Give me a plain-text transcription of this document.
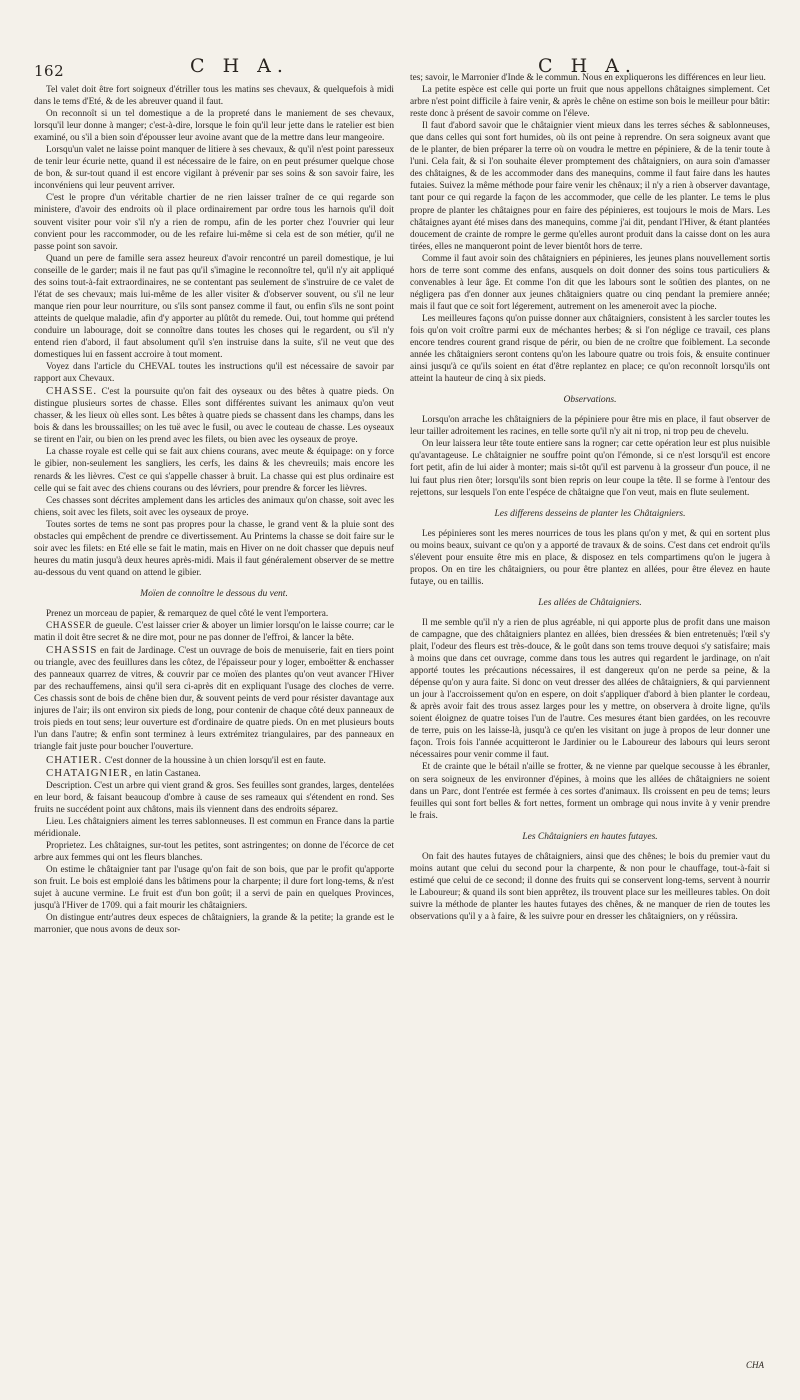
162	C H A.	C H A.

Tel valet doit être fort soigneux d'étriller tous les matins ses chevaux, & quelquefois à midi dans le tems d'Eté, & de les abreuver quand il faut.

On reconnoît si un tel domestique a de la propreté dans le maniement de ses chevaux, lorsqu'il leur donne à manger; c'est-à-dire, lorsque le foin qu'il leur jette dans le ratelier est bien examiné, ou s'il a bien soin d'épousser leur avoine avant que de la mettre dans leur mangeoire.

Lorsqu'un valet ne laisse point manquer de litiere à ses chevaux, & qu'il n'est point paresseux de tenir leur écurie nette, quand il est nécessaire de le faire, on en peut présumer quelque chose de bon, & sur-tout quand il est encore vigilant à prévenir par ses soins & son savoir faire, les inconvéniens qui leur peuvent arriver.

C'est le propre d'un véritable chartier de ne rien laisser traîner de ce qui regarde son ministere, d'avoir des endroits où il place ordinairement par ordre tous les harnois qu'il doit souvent visiter pour voir s'il n'y a rien de rompu, afin de les porter chez l'ouvrier qui leur convient pour les raccommoder, ou de les refaire lui-même si cela est de son métier, qu'il ne passe point son savoir.

Quand un pere de famille sera assez heureux d'avoir rencontré un pareil domestique, je lui conseille de le garder; mais il ne faut pas qu'il s'imagine le reconnoître tel, qu'il n'y ait appliqué des soins tout-à-fait extraordinaires, ne se contentant pas seulement de s'instruire de ce valet de l'état de ses chevaux; mais lui-même de les aller visiter & d'observer souvent, ou s'il ne leur manque rien pour leur nourriture, ou s'ils sont pansez comme il faut, ou enfin s'ils ne sont point atteints de quelque maladie, afin d'y apporter au plûtôt du remede. Oui, tout homme qui prétend conduire un labourage, doit se connoître dans toutes les choses qui le regardent, ou s'il n'y entend rien d'abord, il faut absolument qu'il s'en instruise dans la suite, s'il ne veut que des domestiques lui en fassent accroire à tout moment.

Voyez dans l'article du CHEVAL toutes les instructions qu'il est nécessaire de savoir par rapport aux Chevaux.

CHASSE. C'est la poursuite qu'on fait des oyseaux ou des bêtes à quatre pieds. On distingue plusieurs sortes de chasse. Elles sont différentes suivant les animaux qu'on veut chasser, & les lieux où elles sont. Les bêtes à quatre pieds se chassent dans les champs, dans les bois & dans les broussailles; on les tuë avec le fusil, ou avec le couteau de chasse. Les oyseaux se tirent en l'air, ou bien on les prend avec les filets, ou bien avec les oyseaux de proye.

La chasse royale est celle qui se fait aux chiens courans, avec meute & équipage: on y force le gibier, non-seulement les sangliers, les cerfs, les dains & les chevreuils; mais encore les renards & les lièvres. C'est ce qui s'appelle chasser à bruit. La chasse qui est plus ordinaire est celle qui se fait avec des chiens courans ou des lévriers, pour prendre & forcer les lièvres.

Ces chasses sont décrites amplement dans les articles des animaux qu'on chasse, soit avec les chiens, soit avec les filets, soit avec les oyseaux de proye.

Toutes sortes de tems ne sont pas propres pour la chasse, le grand vent & la pluie sont des obstacles qui empêchent de prendre ce divertissement. Au Printems la chasse se doit faire sur le soir avec les filets: en Eté elle se fait le matin, mais en Hiver on ne doit chasser que depuis neuf heures du matin jusqu'à deux heures après-midi. Mais il faut généralement observer de se mettre au-dessous du vent quand on attend le gibier.

Moïen de connoître le dessous du vent.

Prenez un morceau de papier, & remarquez de quel côté le vent l'emportera.

CHASSER de gueule. C'est laisser crier & aboyer un limier lorsqu'on le laisse courre; car le matin il doit être secret & ne dire mot, pour ne pas donner de l'effroi, & lancer la bête.

CHASSIS en fait de Jardinage. C'est un ouvrage de bois de menuiserie, fait en tiers point ou triangle, avec des feuillures dans les côtez, de l'épaisseur pour y loger, emboëtter & enchasser des panneaux quarrez de vitres, & couvrir par ce moïen des plantes qu'on veut avancer l'Hiver par des rechauffemens, ainsi qu'il sera ci-après dit en expliquant l'usage des cloches de verre. Ces chassis sont de bois de chêne bien dur, & souvent peints de verd pour résister davantage aux injures de l'air; ils ont environ six pieds de long, pour contenir de chaque côté deux panneaux de trois pieds en tout sens; leur ouverture est d'ordinaire de quatre pieds. On en met plusieurs bouts l'un dans l'autre; & enfin sont terminez à leurs extrémitez triangulaires, par des panneaux en triangle fait juste pour boucher l'ouverture.

CHATIER. C'est donner de la houssine à un chien lorsqu'il est en faute.

CHATAIGNIER, en latin Castanea.

Description. C'est un arbre qui vient grand & gros. Ses feuilles sont grandes, larges, dentelées en leur bord, & faisant beaucoup d'ombre à cause de ses rameaux qui s'étendent en rond. Ses fruits ne succédent point aux châtons, mais ils viennent dans des endroits séparez.

Lieu. Les châtaigniers aiment les terres sablonneuses. Il est commun en France dans la partie méridionale.

Proprietez. Les châtaignes, sur-tout les petites, sont astringentes; on donne de l'écorce de cet arbre aux femmes qui ont les fleurs blanches.

On estime le châtaignier tant par l'usage qu'on fait de son bois, que par le profit qu'apporte son fruit. Le bois est emploié dans les bâtimens pour la charpente; il dure fort long-tems, & n'est sujet à aucune vermine. Le fruit est d'un bon goût; il a servi de pain en quelques Provinces, jusqu'à l'Hiver de 1709. qui a fait mourir les châtaigniers.

On distingue entr'autres deux especes de châtaigniers, la grande & la petite; la grande est le marronier, que nous avons de deux sor-

tes; savoir, le Marronier d'Inde & le commun. Nous en expliquerons les différences en leur lieu.

La petite espèce est celle qui porte un fruit que nous appellons châtaignes simplement. Cet arbre n'est point difficile à faire venir, & après le chêne on estime son bois le meilleur pour bâtir: reste donc à présent de savoir comme on l'éleve.

Il faut d'abord savoir que le châtaignier vient mieux dans les terres séches & sablonneuses, que dans celles qui sont fort humides, où ils ont peine à reprendre. On sera soigneux avant que de le planter, de bien préparer la terre où on voudra le mettre en pépiniere, & de la tenir toute à l'uni. Cela fait, & si l'on souhaite élever promptement des châtaigniers, on aura soin d'amasser des châtaignes, & de les accommoder dans des manequins, comme il faut faire dans les hautes futaies. Suivez la même méthode pour faire venir les chênaux; il n'y a rien à observer davantage, tant pour ce qui regarde la façon de les accommoder, que celle de les planter. Le tems le plus propre de planter les châtaignes pour en faire des pépinieres, est toujours le mois de Mars. Les châtaignes ayant été mises dans des manequins, comme j'ai dit, pendant l'Hiver, & étant plantées doucement de crainte de rompre le germe qu'elles auront produit dans la caisse dont on les aura tirées, elles ne manqueront point de lever bientôt hors de terre.

Comme il faut avoir soin des châtaigniers en pépinieres, les jeunes plans nouvellement sortis hors de terre sont comme des enfans, ausquels on doit donner des soins tous particuliers & convenables à leur âge. Et comme l'on dit que les labours sont le soûtien des plantes, on ne négligera pas d'en donner aux jeunes châtaigniers quatre ou cinq pendant la premiere année; mais il faut que ce soit fort légerement, autrement on les ameneroit avec la pioche.

Les meilleures façons qu'on puisse donner aux châtaigniers, consistent à les sarcler toutes les fois qu'on voit croître parmi eux de méchantes herbes; & si l'on néglige ce travail, ces plans encore tendres courent grand risque de périr, ou bien de ne croître que foiblement. La seconde année les châtaigniers seront contens qu'on les laboure quatre ou trois fois, & ensuite continuer ainsi jusqu'à ce qu'ils soient en état d'être replantez en place; ce qu'on reconnoît lorsqu'ils ont atteint la hauteur de cinq à six pieds.

Observations.

Lorsqu'on arrache les châtaigniers de la pépiniere pour être mis en place, il faut observer de leur tailler adroitement les racines, en telle sorte qu'il n'y ait ni trop, ni trop peu de chevelu.

On leur laissera leur tête toute entiere sans la rogner; car cette opération leur est plus nuisible qu'avantageuse. Le châtaignier ne souffre point qu'on l'émonde, si ce n'est lorsqu'il est encore fort petit, afin de lui aider à monter; mais si-tôt qu'il est parvenu à la grosseur d'un pouce, il ne lui faut plus rien ôter; lorsqu'ils sont bien repris on leur coupe la tête. Il se forme à l'entour des rejettons, sur lesquels l'on ente l'espéce de châtaigne que l'on veut, mais en flute seulement.

Les differens desseins de planter les Châtaigniers.

Les pépinieres sont les meres nourrices de tous les plans qu'on y met, & qui en sortent plus ou moins beaux, suivant ce qu'on y a apporté de travaux & de soins. C'est dans cet endroit qu'ils s'élevent pour ensuite être mis en place, & disposez en tels compartimens qu'on le jugera à propos. On en tire les châtaigniers, ou pour être plantez en allées, pour être élevez en haute futaye, ou en taillis.

Les allées de Châtaigniers.

Il me semble qu'il n'y a rien de plus agréable, ni qui apporte plus de profit dans une maison de campagne, que des châtaigniers plantez en allées, bien dressées & bien entretenuës; l'œil s'y plait, l'odeur des fleurs est très-douce, & le goût dans son tems trouve dequoi s'y satisfaire; mais à moins que dans cet ouvrage, comme dans tous les autres qui regardent le jardinage, on n'ait apporté toutes les précautions nécessaires, il est dangereux qu'on ne perde sa peine, & la dépense qu'on y aura faite. Si donc on veut dresser des allées de châtaigniers, & qui parviennent un jour à l'accroissement qu'on en espere, on doit s'appliquer d'abord à bien planter le cordeau, & après avoir fait des trous assez larges pour les y mettre, on observera à droite ligne, qu'ils soient éloignez de quatre toises l'un de l'autre. Ces mesures étant bien gardées, on les recouvre de terre, puis on les laisse-là, jusqu'à ce qu'en les visitant on juge à propos de leur donner une façon. Trois fois l'année acquitteront le Jardinier ou le Laboureur des labours qui leurs seront nécessaires pour venir comme il faut.

Et de crainte que le bétail n'aille se frotter, & ne vienne par quelque secousse à les ébranler, on sera soigneux de les environner d'épines, à moins que les allées de châtaigniers ne soient dans un Parc, dont l'entrée est fermée à ces sortes d'animaux. Ils croissent en peu de tems; leurs feuilles qui sont fort belles & fort nettes, forment un ombrage qui nous invite à y venir prendre le frais.

Les Châtaigniers en hautes futayes.

On fait des hautes futayes de châtaigniers, ainsi que des chênes; le bois du premier vaut du moins autant que celui du second pour la charpente, & non pour le chauffage, tout-à-fait si estimé que celui de ce second; il donne des fruits qui se conservent long-tems, servent à nourrir le Laboureur; & quand ils sont bien apprêtez, ils trouvent place sur les meilleures tables. On doit suivre la méthode de planter les hautes futayes des chênes, & ne manquer de rien de toutes les observations qu'il y a à faire, & les suivre pour en dresser les châtaigniers, on y réüssira.

CHA
